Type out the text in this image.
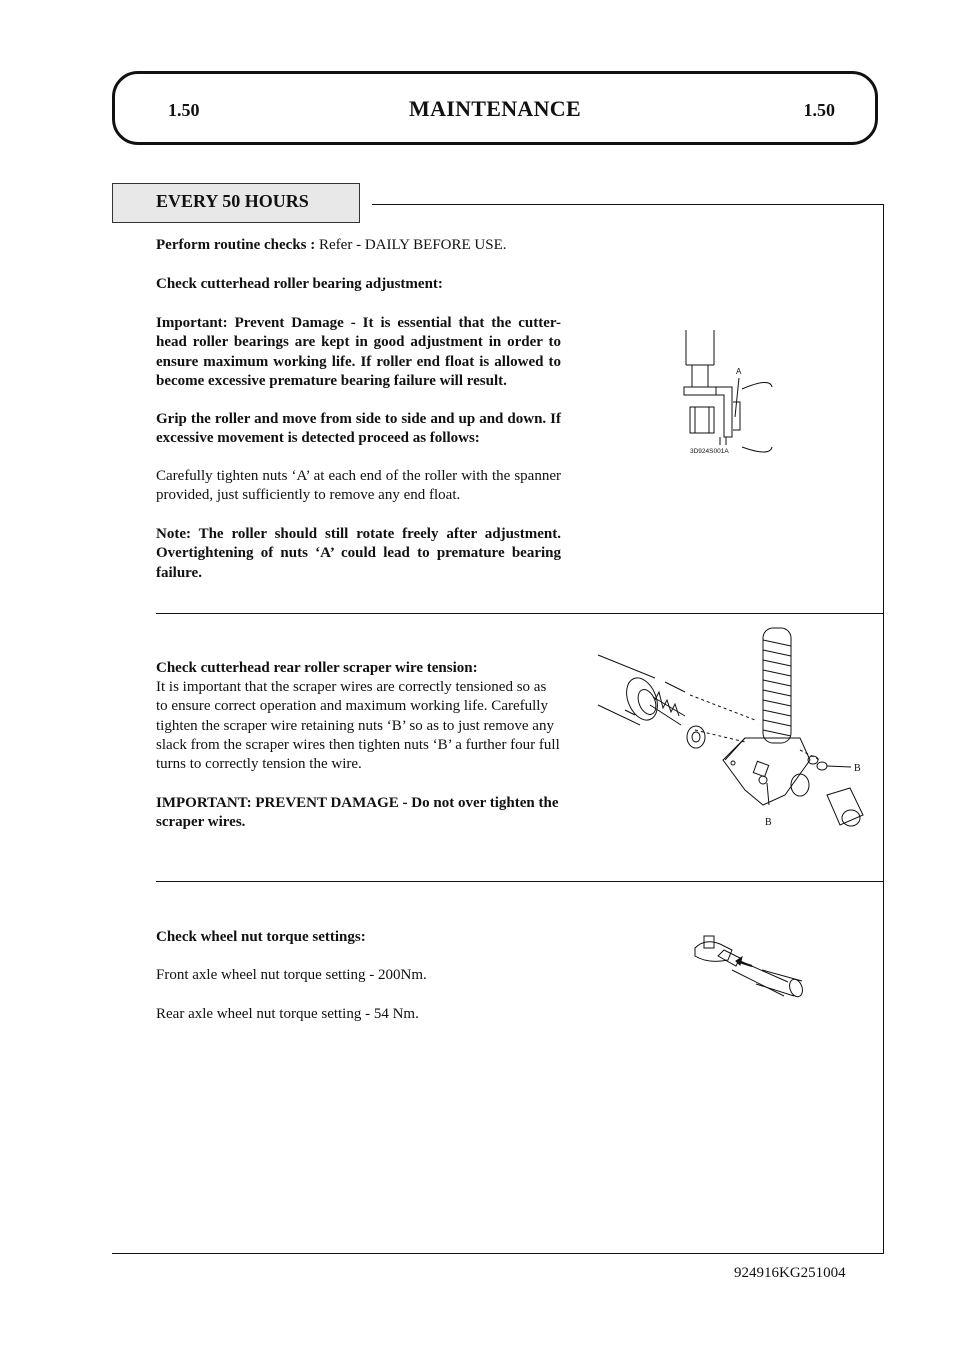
1.50	MAINTENANCE	1.50
EVERY 50 HOURS
Perform routine checks : Refer - DAILY BEFORE USE.
Check cutterhead roller bearing adjustment:
Important: Prevent Damage - It is essential that the cutter-head roller bearings are kept in good adjustment in order to ensure maximum working life. If roller end float is allowed to become excessive premature bearing failure will result.
Grip the roller and move from side to side and up and down. If excessive movement is detected proceed as follows:
Carefully tighten nuts ‘A’ at each end of the roller with the spanner provided, just sufficiently to remove any end float.
Note: The roller should still rotate freely after adjustment. Overtightening of nuts ‘A’ could lead to premature bearing failure.
A
3D924S001A
Check cutterhead rear roller scraper wire tension:
It is important that the scraper wires are correctly tensioned so as to ensure correct operation and maximum working life. Carefully tighten the scraper wire retaining nuts ‘B’ so as to just remove any slack from the scraper wires then tighten nuts ‘B’ a further four full turns to correctly tension the wire.
IMPORTANT: PREVENT DAMAGE - Do not over tighten the scraper wires.
B
B
Check wheel nut torque settings:
Front axle wheel nut torque setting - 200Nm.
Rear axle wheel nut torque setting - 54 Nm.
924916KG251004
